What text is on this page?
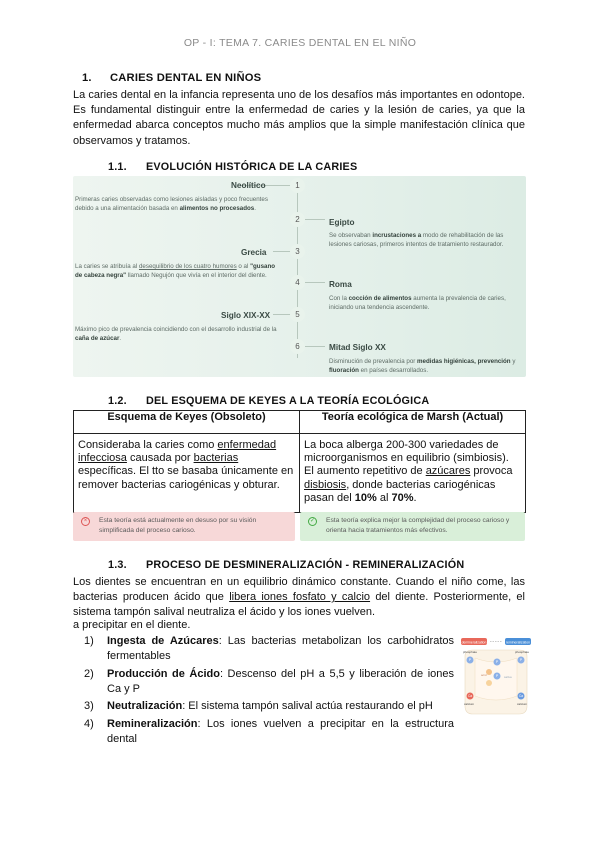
OP - I: TEMA 7. CARIES DENTAL EN EL NIÑO
1. CARIES DENTAL EN NIÑOS
La caries dental en la infancia representa uno de los desafíos más importantes en odontope. Es fundamental distinguir entre la enfermedad de caries y la lesión de caries, ya que la enfermedad abarca conceptos mucho más amplios que la simple manifestación clínica que observamos y tratamos.
1.1. EVOLUCIÓN HISTÓRICA DE LA CARIES
1
Neolítico
Primeras caries observadas como lesiones aisladas y poco frecuentes debido a una alimentación basada en alimentos no procesados.
2	Egipto
Se observaban incrustaciones a modo de rehabilitación de las lesiones cariosas, primeros intentos de tratamiento restaurador.
3
Grecia
La caries se atribuía al desequilibrio de los cuatro humores o al "gusano de cabeza negra" llamado Negujón que vivía en el interior del diente.
4	Roma
Con la cocción de alimentos aumenta la prevalencia de caries, iniciando una tendencia ascendente.
5
Siglo XIX-XX
Máximo pico de prevalencia coincidiendo con el desarrollo industrial de la caña de azúcar.
6	Mitad Siglo XX
Disminución de prevalencia por medidas higiénicas, prevención y fluoración en países desarrollados.
1.2. DEL ESQUEMA DE KEYES A LA TEORÍA ECOLÓGICA
Esquema de Keyes (Obsoleto)	Teoría ecológica de Marsh (Actual)
Consideraba la caries como enfermedad infecciosa causada por bacterias específicas. El tto se basaba únicamente en remover bacterias cariogénicas y obturar.	La boca alberga 200-300 variedades de microorganismos en equilibrio (simbiosis). El aumento repetitivo de azúcares provoca disbiosis, donde bacterias cariogénicas pasan del 10% al 70%.
×	Esta teoría está actualmente en desuso por su visión simplificada del proceso carioso.
✓ Esta teoría explica mejor la complejidad del proceso carioso y orienta hacia tratamientos más efectivos.
1.3. PROCESO DE DESMINERALIZACIÓN - REMINERALIZACIÓN
Los dientes se encuentran en un equilibrio dinámico constante. Cuando el niño come, las bacterias producen ácido que libera iones fosfato y calcio del diente. Posteriormente, el sistema tampón salival neutraliza el ácido y los iones vuelven.
a precipitar en el diente.
1) Ingesta de Azúcares: Las bacterias metabolizan los carbohidratos fermentables
2) Producción de Ácido: Descenso del pH a 5,5 y liberación de iones Ca y P
3) Neutralización: El sistema tampón salival actúa restaurando el pH
4) Remineralización: Los iones vuelven a precipitar en la estructura dental
demineralization	remineralization
phosphate	phosphate
P	P	P
P
acid	saliva
Ca	Ca
calcium	calcium
